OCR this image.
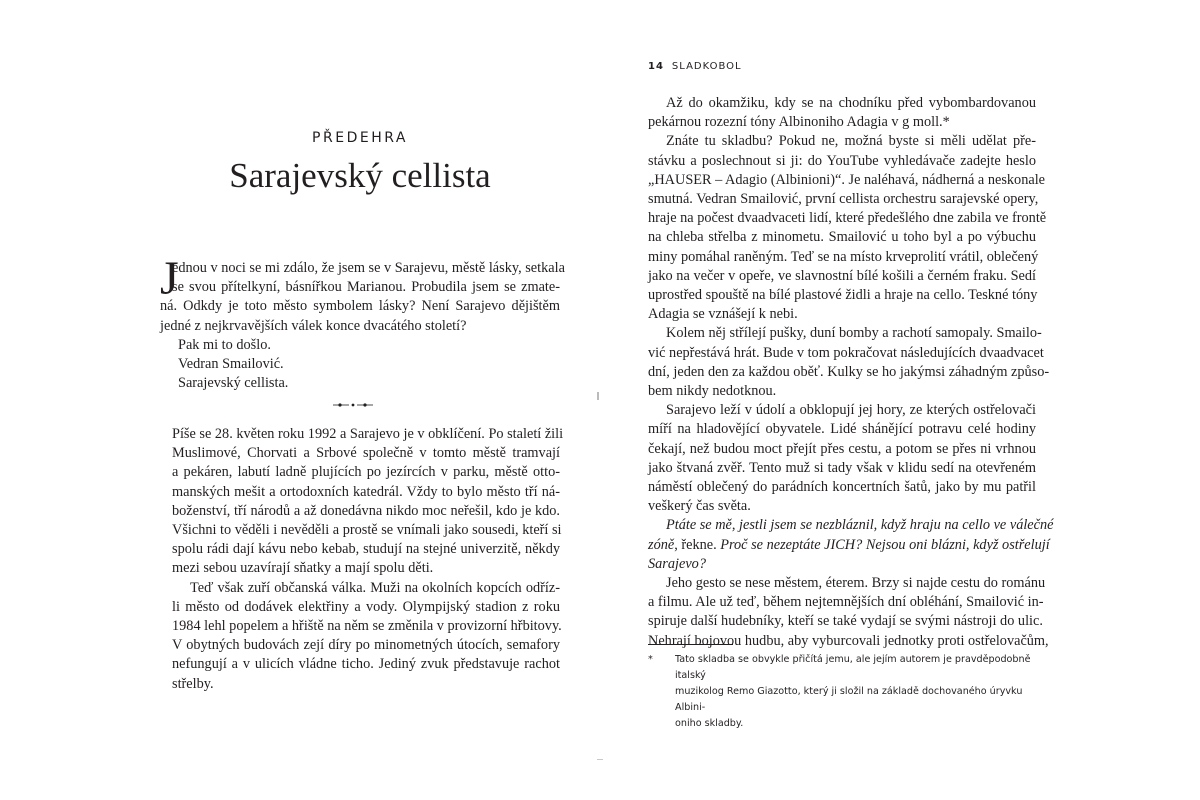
PŘEDEHRA
Sarajevský cellista
J
ednou v noci se mi zdálo, že jsem se v Sarajevu, městě lásky, setkala
se svou přítelkyní, básnířkou Marianou. Probudila jsem se zmate-
ná. Odkdy je toto město symbolem lásky? Není Sarajevo dějištěm
jedné z nejkrvavějších válek konce dvacátého století?
Pak mi to došlo.
Vedran Smailović.
Sarajevský cellista.
Píše se 28. květen roku 1992 a Sarajevo je v obklíčení. Po staletí žili
Muslimové, Chorvati a Srbové společně v tomto městě tramvají
a pekáren, labutí ladně plujících po jezírcích v parku, městě otto-
manských mešit a ortodoxních katedrál. Vždy to bylo město tří ná-
boženství, tří národů a až donedávna nikdo moc neřešil, kdo je kdo.
Všichni to věděli i nevěděli a prostě se vnímali jako sousedi, kteří si
spolu rádi dají kávu nebo kebab, studují na stejné univerzitě, někdy
mezi sebou uzavírají sňatky a mají spolu děti.
Teď však zuří občanská válka. Muži na okolních kopcích odříz-
li město od dodávek elektřiny a vody. Olympijský stadion z roku
1984 lehl popelem a hřiště na něm se změnila v provizorní hřbitovy.
V obytných budovách zejí díry po minometných útocích, semafory
nefungují a v ulicích vládne ticho. Jediný zvuk představuje rachot
střelby.
14 SLADKOBOL
Až do okamžiku, kdy se na chodníku před vybombardovanou
pekárnou rozezní tóny Albinoniho Adagia v g moll.*
Znáte tu skladbu? Pokud ne, možná byste si měli udělat pře-
stávku a poslechnout si ji: do YouTube vyhledávače zadejte heslo
„HAUSER – Adagio (Albinioni)“. Je naléhavá, nádherná a neskonale
smutná. Vedran Smailović, první cellista orchestru sarajevské opery,
hraje na počest dvaadvaceti lidí, které předešlého dne zabila ve frontě
na chleba střelba z minometu. Smailović u toho byl a po výbuchu
miny pomáhal raněným. Teď se na místo krveprolití vrátil, oblečený
jako na večer v opeře, ve slavnostní bílé košili a černém fraku. Sedí
uprostřed spouště na bílé plastové židli a hraje na cello. Teskné tóny
Adagia se vznášejí k nebi.
Kolem něj střílejí pušky, duní bomby a rachotí samopaly. Smailo-
vić nepřestává hrát. Bude v tom pokračovat následujících dvaadvacet
dní, jeden den za každou oběť. Kulky se ho jakýmsi záhadným způso-
bem nikdy nedotknou.
Sarajevo leží v údolí a obklopují jej hory, ze kterých ostřelovači
míří na hladovějící obyvatele. Lidé shánějící potravu celé hodiny
čekají, než budou moct přejít přes cestu, a potom se přes ni vrhnou
jako štvaná zvěř. Tento muž si tady však v klidu sedí na otevřeném
náměstí oblečený do parádních koncertních šatů, jako by mu patřil
veškerý čas světa.
Ptáte se mě, jestli jsem se nezbláznil, když hraju na cello ve válečné
zóně, řekne. Proč se nezeptáte JICH? Nejsou oni blázni, když ostřelují
Sarajevo?
Jeho gesto se nese městem, éterem. Brzy si najde cestu do románu
a filmu. Ale už teď, během nejtemnějších dní obléhání, Smailović in-
spiruje další hudebníky, kteří se také vydají se svými nástroji do ulic.
Nehrají bojovou hudbu, aby vyburcovali jednotky proti ostřelovačům,
* Tato skladba se obvykle přičítá jemu, ale jejím autorem je pravděpodobně italský
muzikolog Remo Giazotto, který ji složil na základě dochovaného úryvku Albini-
oniho skladby.
